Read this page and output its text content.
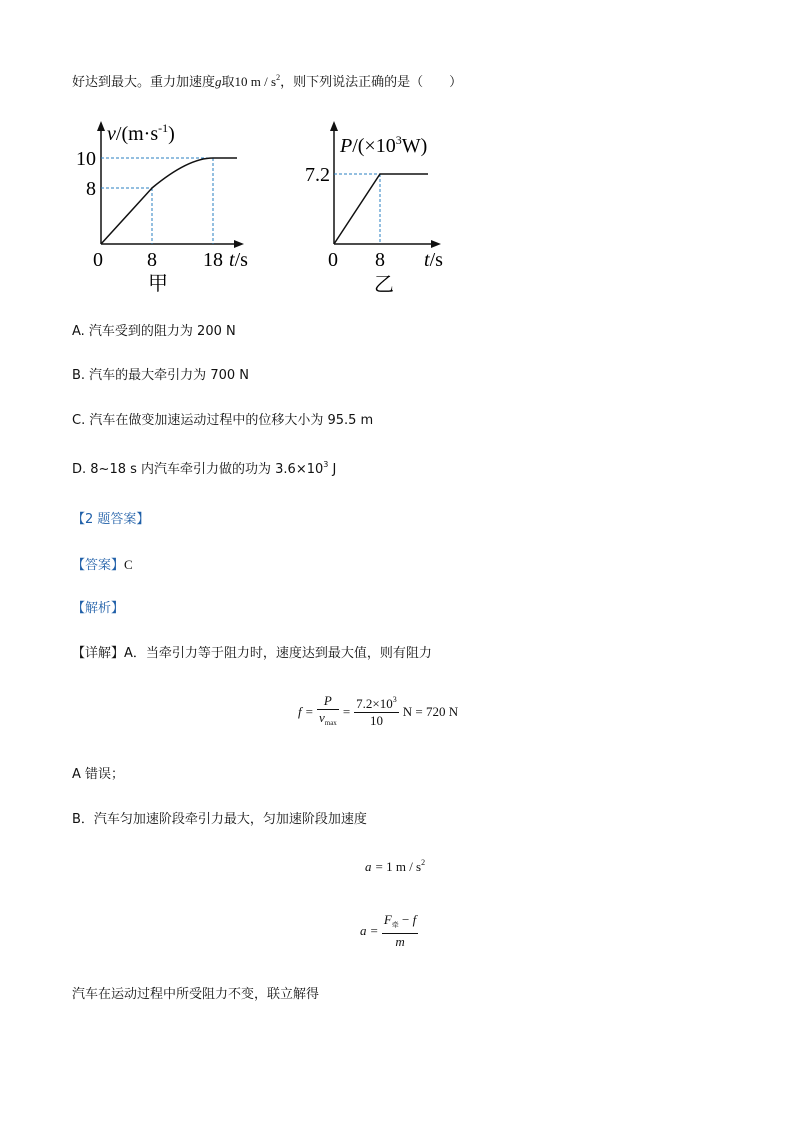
好达到最大。重力加速度g取10 m / $s^2$，则下列说法正确的是（　　）
$v/(m\cdot s^{-1})$
10
8
0 8 18 t/s
甲
$P/(\times 10^3W)$
7.2
0 8 t/s
乙
A. 汽车受到的阻力为 200 N
B. 汽车的最大牵引力为 700 N
C. 汽车在做变加速运动过程中的位移大小为 95.5 m
D. 8~18 s 内汽车牵引力做的功为 $3.6\times 10^3$ J
【2 题答案】
【答案】C
【解析】
【详解】A．当牵引力等于阻力时，速度达到最大值，则有阻力
$f = \frac{P}{v_{max}} = \frac{7.2\times 10^3}{10}$ N = 720 N
A 错误；
B．汽车匀加速阶段牵引力最大，匀加速阶段加速度
a = 1 m / $s^2$
$a = \frac{F_牵 - f}{m}$
汽车在运动过程中所受阻力不变，联立解得
